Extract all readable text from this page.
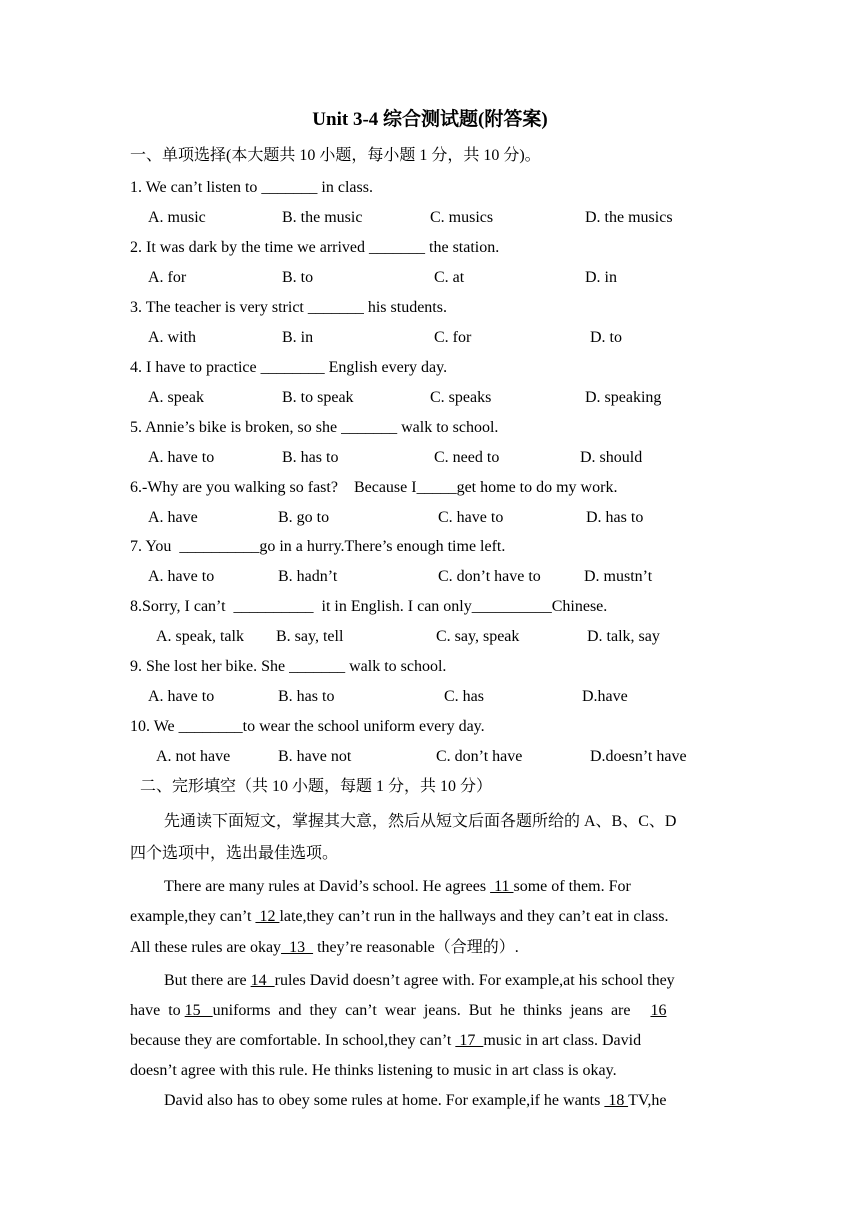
Unit 3-4 综合测试题(附答案)
一、单项选择(本大题共 10 小题，每小题 1 分，共 10 分)。
1. We can’t listen to _______ in class.
A. music	B. the music	C. musics	D. the musics
2. It was dark by the time we arrived _______ the station.
A. for	B. to	C. at	D. in
3. The teacher is very strict _______ his students.
A. with	B. in	C. for	D. to
4. I have to practice ________ English every day.
A. speak	B. to speak	C. speaks	D. speaking
5. Annie’s bike is broken, so she _______ walk to school.
A. have to	B. has to	C. need to	D. should
6.-Why are you walking so fast?    Because I_____get home to do my work.
A. have	B. go to	C. have to	D. has to
7. You  __________go in a hurry.There’s enough time left.
A. have to	B. hadn’t	C. don’t have to	D. mustn’t
8.Sorry, I can’t  __________  it in English. I can only__________Chinese.
A. speak, talk B. say, tell	C. say, speak	D. talk, say
9. She lost her bike. She _______ walk to school.
A. have to	B. has to	C. has	D.have
10. We ________to wear the school uniform every day.
A. not have	B. have not	C. don’t have	D.doesn’t have
二、完形填空（共 10 小题，每题 1 分，共 10 分）
先通读下面短文，掌握其大意，然后从短文后面各题所给的 A、B、C、D
四个选项中，选出最佳选项。
There are many rules at David’s school. He agrees  11 some of them. For
example,they can’t  12 late,they can’t run in the hallways and they can’t eat in class.
All these rules are okay  13   they’re reasonable（合理的）.
But there are 14  rules David doesn’t agree with. For example,at his school they
have  to 15   uniforms  and  they  can’t  wear  jeans.  But  he  thinks  jeans  are     16
because they are comfortable. In school,they can’t  17  music in art class. David
doesn’t agree with this rule. He thinks listening to music in art class is okay.
David also has to obey some rules at home. For example,if he wants  18 TV,he
